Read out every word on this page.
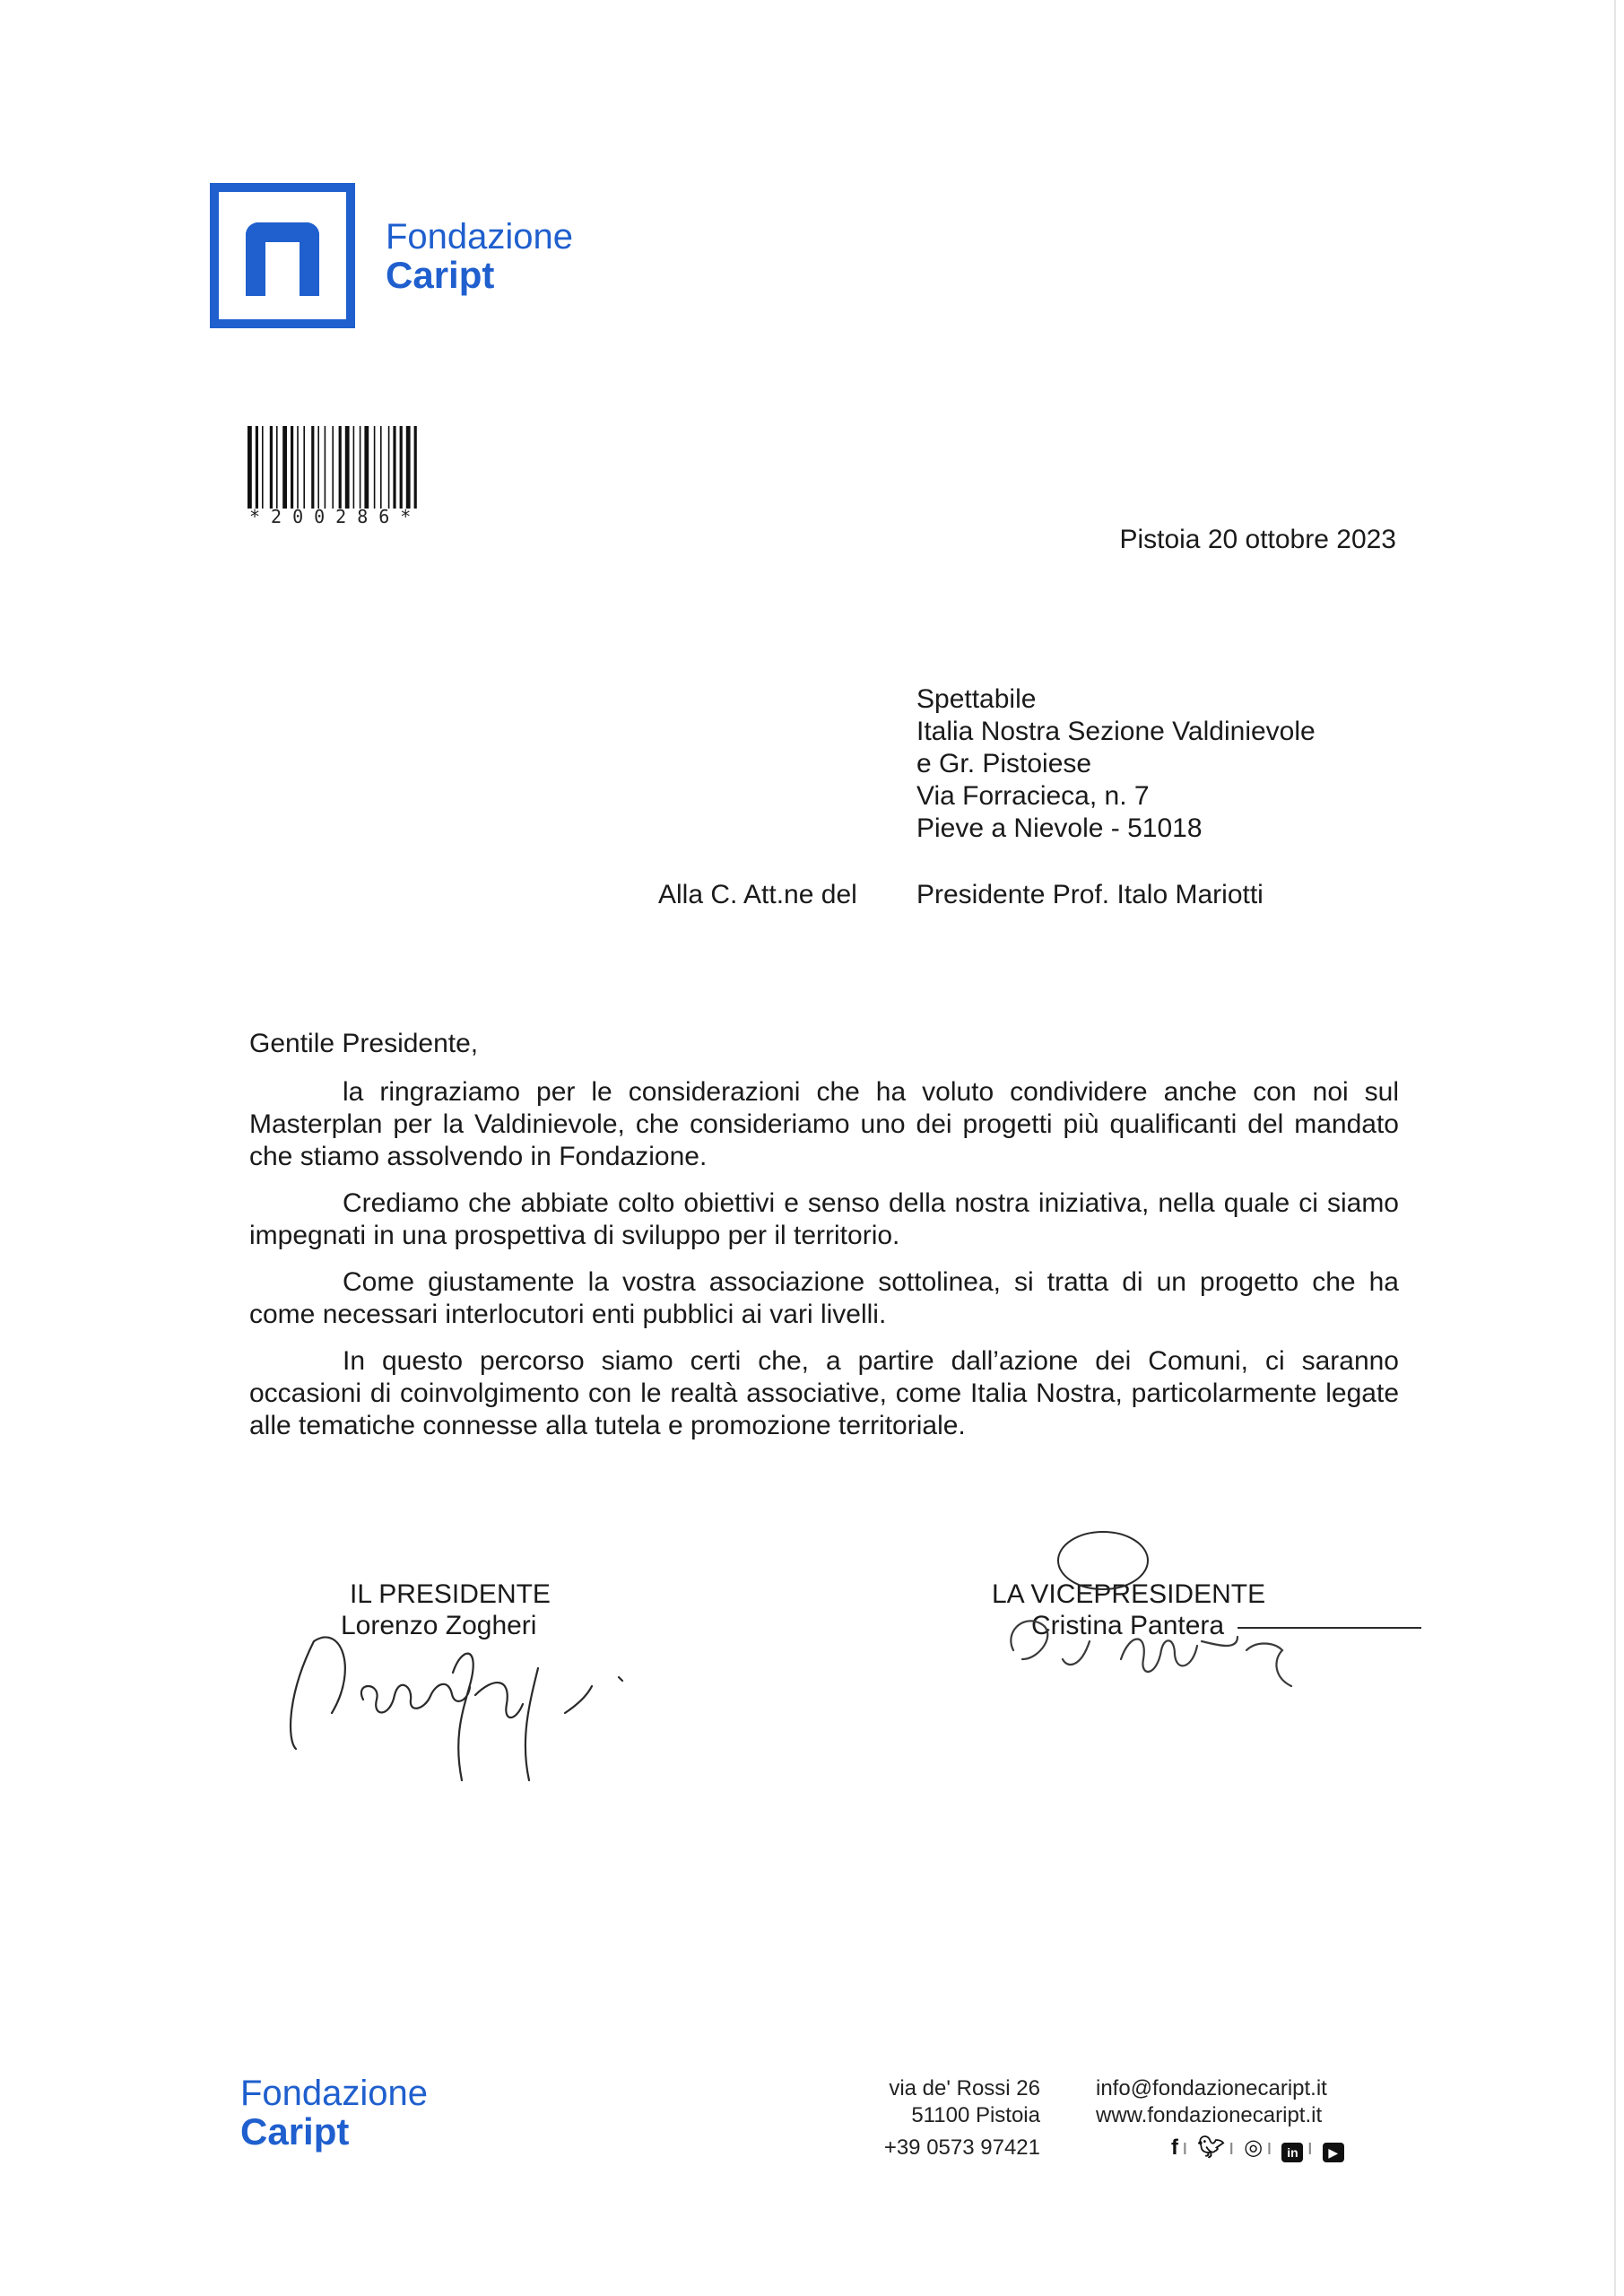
Fondazione
Caript
*200286*
Pistoia 20 ottobre 2023
Spettabile
Italia Nostra Sezione Valdinievole
e Gr. Pistoiese
Via Forracieca, n. 7
Pieve a Nievole - 51018
Alla C. Att.ne del Presidente Prof. Italo Mariotti
Gentile Presidente,

la ringraziamo per le considerazioni che ha voluto condividere anche con noi sul Masterplan per la Valdinievole, che consideriamo uno dei progetti più qualificanti del mandato che stiamo assolvendo in Fondazione.

Crediamo che abbiate colto obiettivi e senso della nostra iniziativa, nella quale ci siamo impegnati in una prospettiva di sviluppo per il territorio.

Come giustamente la vostra associazione sottolinea, si tratta di un progetto che ha come necessari interlocutori enti pubblici ai vari livelli.

In questo percorso siamo certi che, a partire dall’azione dei Comuni, ci saranno occasioni di coinvolgimento con le realtà associative, come Italia Nostra, particolarmente legate alle tematiche connesse alla tutela e promozione territoriale.

IL PRESIDENTE
Lorenzo Zogheri
LA VICEPRESIDENTE
Cristina Pantera
Fondazione
Caript
via de' Rossi 26
51100 Pistoia
+39 0573 97421
info@fondazionecaript.it
www.fondazionecaript.it
f ı 🐦︎ ı ◎ ı in ı ▶
